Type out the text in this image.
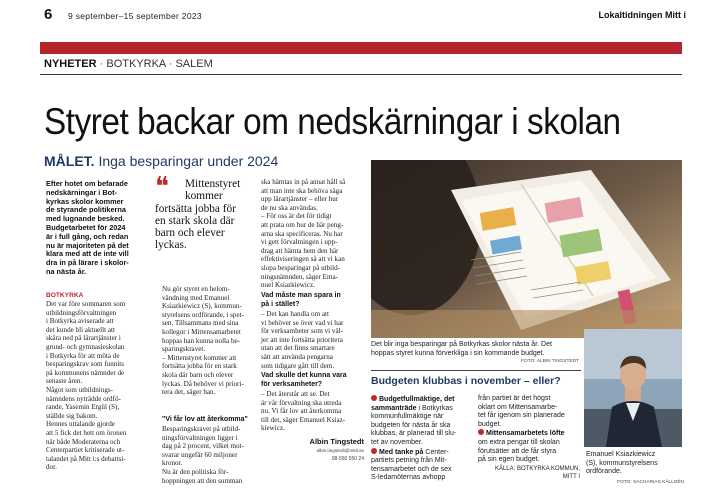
6 9 september–15 september 2023	Lokaltidningen Mitt i
NYHETER · BOTKYRKA · SALEM
Styret backar om nedskärningar i skolan
MÅLET. Inga besparingar under 2024
Efter hotet om befarade
nedskärningar i Bot-
kyrkas skolor kommer
de styrande politikerna
med lugnande besked.
Budgetarbetet för 2024
är i full gång, och redan
nu är majoriteten på det
klara med att de inte vill
dra in på lärare i skolor-
na nästa år.
BOTKYRKA
Det var före sommaren som
utbildningsförvaltningen
i Botkyrka aviserade att
det kunde bli aktuellt att
skära ned på lärartjänster i
grund- och gymnasieskolan
i Botkyrka för att möta de
besparingskrav som funnits
på kommunens nämnder de
senaste åren.
Något som utbildnings-
nämndens nyträdde ordfö-
rande, Yasemin Ergül (S),
ställde sig bakom.
Hennes uttalande gjorde
att 5 fick det hett om öronen
när både Moderaterna och
Centerpartiet kritiserade ut-
talandet på Mitt i:s debattsi-
dor.
❝	Mittenstyret
kommer
fortsätta jobba för
en stark skola där
barn och elever
lyckas.
Nu gör styret en helom-
vändning med Emanuel
Ksiazkiewicz (S), kommun-
styrelsens ordförande, i spet-
sen. Tillsammans med sina
kollegor i Mittensamarbetet
hoppas han kunna nolla be-
sparingskravet.
– Mittenstyret kommer att
fortsätta jobba för en stark
skola där barn och elever
lyckas. Då behöver vi priori-
tera det, säger han.
"Vi får lov att återkomma"
Besparingskravet på utbild-
ningsförvaltningen ligger i
dag på 2 procent, vilket mot-
svarar ungefär 60 miljoner
kronor.
Nu är den politiska för-
hoppningen att den summan
ska hämtas in på annat håll så
att man inte ska behöva säga
upp lärartjänster – eller hur
de nu ska användas.
– För oss är det för tidigt
att prata om hur de här peng-
arna ska specificeras. Nu har
vi gett förvaltningen i upp-
drag att hämta hem den här
effektiviseringen så att vi kan
slopa besparingar på utbild-
ningsnämnden, säger Ema-
nuel Ksiazkiewicz.
Vad måste man spara in
på i stället?
– Det kan handla om att
vi behöver se över vad vi har
för verksamheter som vi väl-
jer att inte fortsätta prioritera
utan att det finns smartare
sätt att använda pengarna
som tidigare gått till dem.
Vad skulle det kunna vara
för verksamheter?
– Det återstår att se. Det
är vår förvaltning ska utreda
nu. Vi får lov att återkomma
till det, säger Emanuel Ksiaz-
kiewicz.
Albin Tingstedt
albin.tingstedt@mitti.se
08-550 550 24
Det blir inga besparingar på Botkyrkas skolor nästa år. Det
hoppas styret kunna förverkliga i sin kommande budget.
FOTO: ALBIN TINGSTEDT
Budgeten klubbas i november – eller?
Budgetfullmäktige, det
sammanträde i Botkyrkas
kommunfullmäktige när
budgeten för nästa år ska
klubbas, är planerad till slu-
tet av november.
Med tanke på Center-
partiets petning från Mit-
tensamarbetet och de sex
S-ledamöternas avhopp
från partiet är det högst
oklart om Mittensamarbe-
tet får igenom sin planerade
budget.
Mittensamarbetets löfte
om extra pengar till skolan
förutsätter att de får styra
på sin egen budget.
KÄLLA: BOTKYRKA KOMMUN,
MITT I
Emanuel Ksiazkiewicz
(S), kommunstyrelsens
ordförande.
FOTO: SACHARIAS KÄLLDÉN
